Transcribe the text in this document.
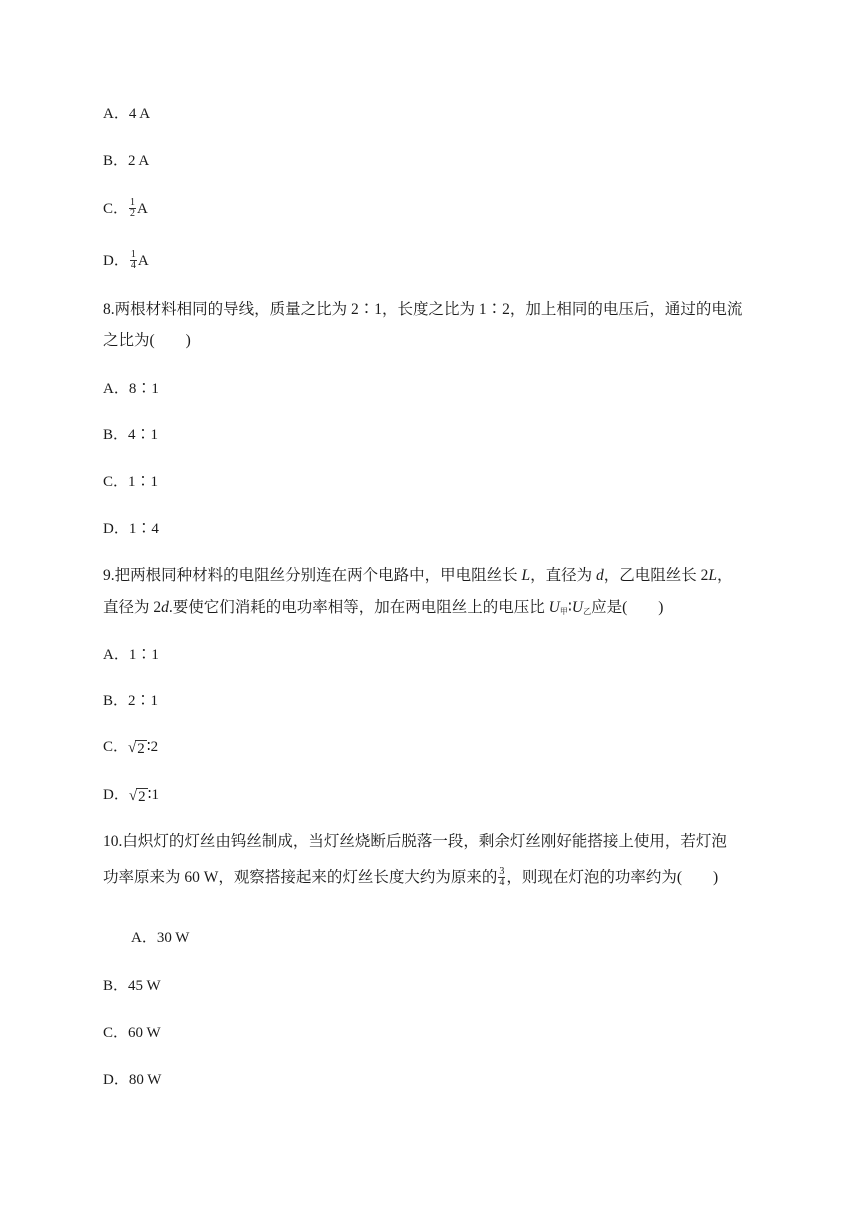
A．4 A
B．2 A
C． $\frac{1}{2}$ A
D． $\frac{1}{4}$ A
8.两根材料相同的导线，质量之比为 2∶1，长度之比为 1∶2，加上相同的电压后，通过的电流
之比为(　　)
A．8∶1
B．4∶1
C．1∶1
D．1∶4
9.把两根同种材料的电阻丝分别连在两个电路中，甲电阻丝长 L，直径为 d，乙电阻丝长 2L，
直径为 2d.要使它们消耗的电功率相等，加在两电阻丝上的电压比 $U_甲∶U_乙$应是(　　)
A．1∶1
B．2∶1
C． √ 2 ∶2
D． √ 2 ∶1
10.白炽灯的灯丝由钨丝制成，当灯丝烧断后脱落一段，剩余灯丝刚好能搭接上使用，若灯泡
功率原来为 60 W，观察搭接起来的灯丝长度大约为原来的 $\frac{3}{4}$ ，则现在灯泡的功率约为(　　)
A．30 W
B．45 W
C．60 W
D．80 W
